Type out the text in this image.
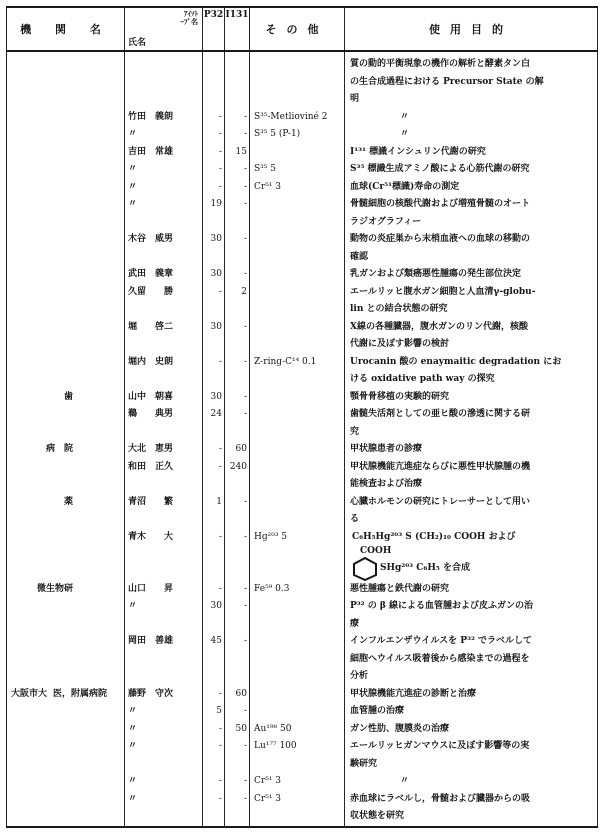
機 関 名	ｱｲｿﾄ
ｰﾌﾟ名
氏名	P32	I131	その他	使用目的

					質の動的平衡現象の機作の解析と酵素タン白
の生合成過程における Precursor State の解
明

	竹田　義朗	-	-	S³⁵-Metlioviné 2	〃

	〃	-	-	S³⁵ 5 (P-1)	〃

	吉田　常雄	-	15		I¹³¹ 標識インシュリン代謝の研究

	〃	-	-	S³⁵ 5	S³⁵ 標識生成アミノ酸による心筋代謝の研究

	〃	-	-	Cr⁵¹ 3	血球(Cr⁵¹標識)寿命の測定

	〃	19	-		骨髄細胞の核酸代謝および増殖骨髄のオート
ラジオグラフィー

	木谷　威男	30	-		動物の炎症巣から末梢血液への血球の移動の
確認

	武田　義章	30	-		乳ガンおよび類癌悪性腫瘍の発生部位決定

	久留　　勝	-	2		エールリッヒ腹水ガン細胞と人血清γ-globu-
lin との結合状態の研究

	堀　　啓二	30	-		X線の各種臓器，腹水ガンのリン代謝，核酸
代謝に及ぼす影響の検討

	堀内　史朗	-	-	Z-ring-C¹⁴ 0.1	Urocanin 酸の enaymaitic degradation にお
ける oxidative path way の探究

歯	山中　朝喜	30	-		顎骨骨移植の実験的研究

	鵜　　典男	24	-		歯髄失活剤としての亜ヒ酸の滲透に関する研
究

病　院	大北　恵男	-	60		甲状腺患者の診療

	和田　正久	-	240		甲状腺機能亢進症ならびに悪性甲状腺腫の機
能検査および治療

薬	青沼　　繁	1	-		心臓ホルモンの研究にトレーサーとして用い
る

	青木　　大	-	-	Hg²⁰³ 5	C₆H₅Hg²⁰³ S (CH₂)₁₀ COOH および
COOH
SHg²⁰³ C₆H₅ を合成

微生物研	山口　　昇	-	-	Fe⁵⁹ 0.3	悪性腫瘍と鉄代謝の研究

	〃	30	-		P³² の β 線による血管腫および皮ふガンの治
療

	岡田　善雄	45	-		インフルエンザウイルスを P³² でラベルして
細胞へウイルス吸着後から感染までの過程を
分析

大阪市大 医，附属病院	藤野　守次	-	60		甲状腺機能亢進症の診断と治療

	〃	5	-		血管腫の治療

	〃	-	50	Au¹⁹⁸ 50	ガン性肋、腹膜炎の治療

	〃	-	-	Lu¹⁷⁷ 100	エールリッヒガンマウスに及ぼす影響等の実
験研究

	〃	-	-	Cr⁵¹ 3	〃

	〃	-	-	Cr⁵¹ 3	赤血球にラベルし，骨髄および臓器からの吸
収状態を研究
